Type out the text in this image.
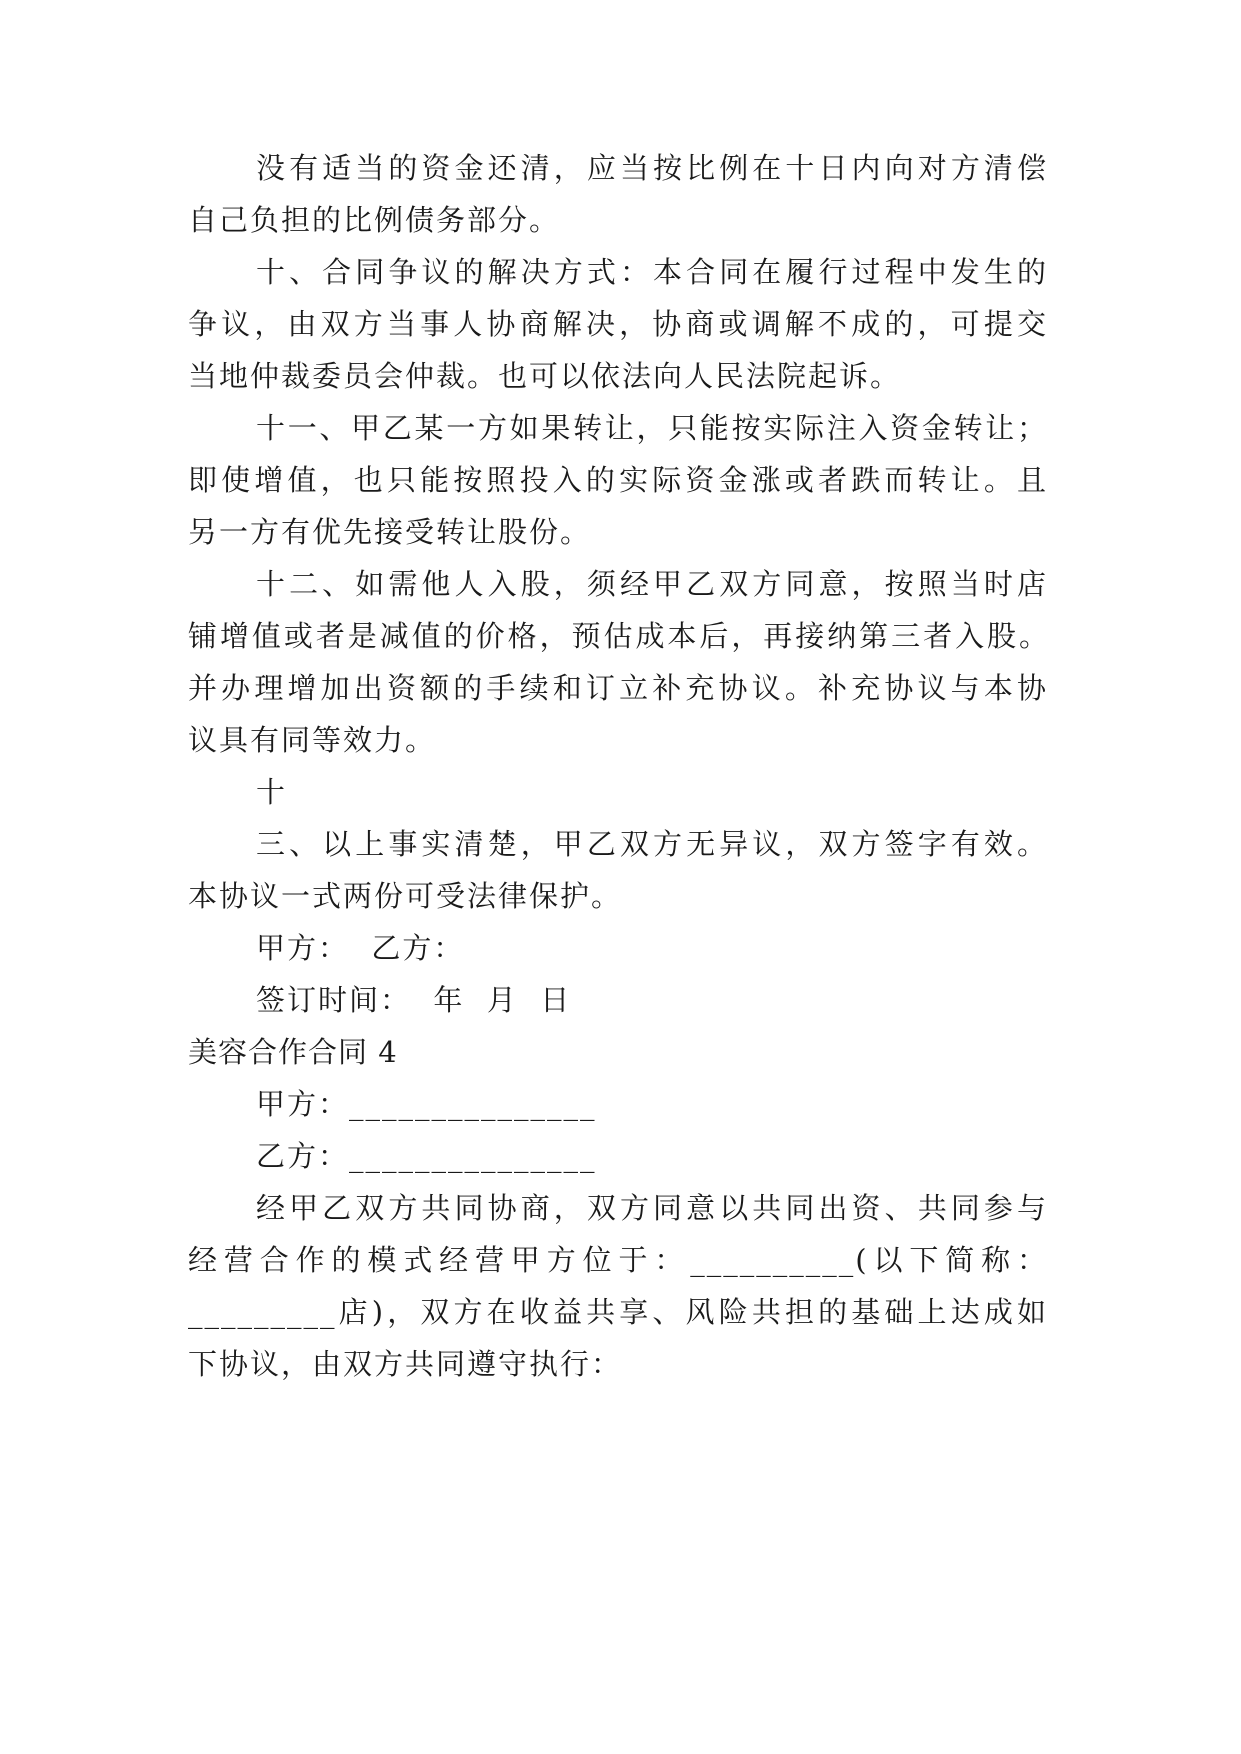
没有适当的资金还清，应当按比例在十日内向对方清偿
自己负担的比例债务部分。
十、合同争议的解决方式：本合同在履行过程中发生的
争议，由双方当事人协商解决，协商或调解不成的，可提交
当地仲裁委员会仲裁。也可以依法向人民法院起诉。
十一、甲乙某一方如果转让，只能按实际注入资金转让；
即使增值，也只能按照投入的实际资金涨或者跌而转让。且
另一方有优先接受转让股份。
十二、如需他人入股，须经甲乙双方同意，按照当时店
铺增值或者是减值的价格，预估成本后，再接纳第三者入股。
并办理增加出资额的手续和订立补充协议。补充协议与本协
议具有同等效力。
十
三、以上事实清楚，甲乙双方无异议，双方签字有效。
本协议一式两份可受法律保护。
甲方：  乙方：
签订时间：  年  月  日
美容合作合同 4
甲方：_______________
乙方：_______________
经甲乙双方共同协商，双方同意以共同出资、共同参与
经营合作的模式经营甲方位于：__________(以下简称：
_________店)，双方在收益共享、风险共担的基础上达成如
下协议，由双方共同遵守执行：
